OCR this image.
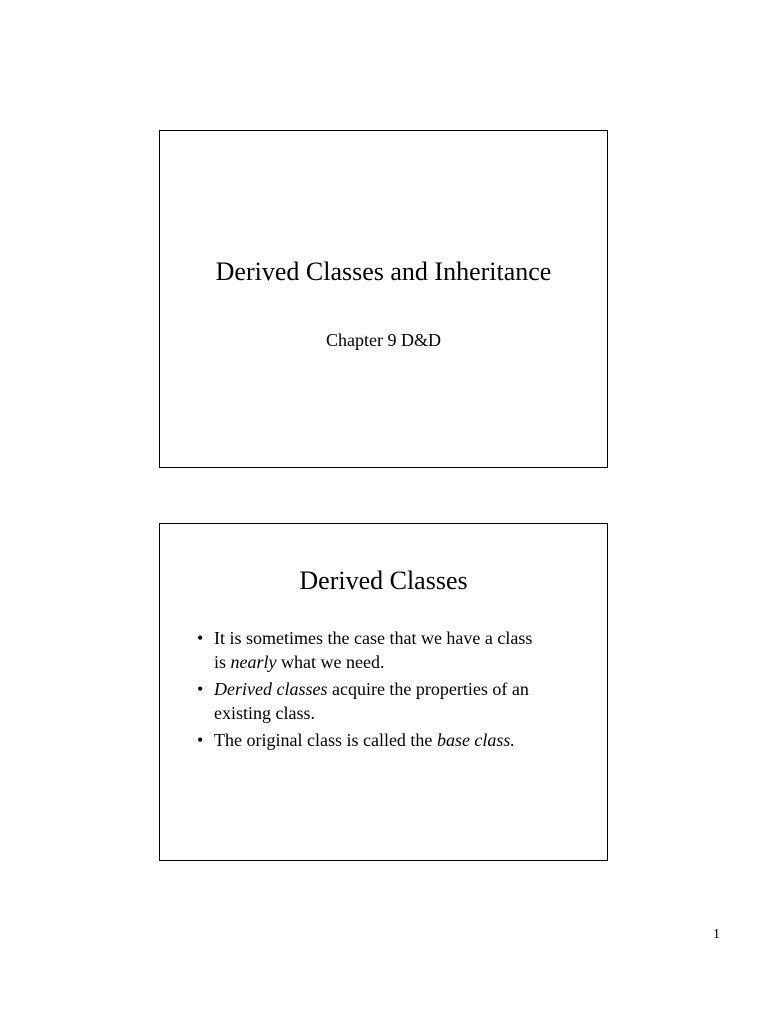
Derived Classes and Inheritance
Chapter 9 D&D
Derived Classes
• It is sometimes the case that we have a class
is nearly what we need.
• Derived classes acquire the properties of an
existing class.
• The original class is called the base class.
1
